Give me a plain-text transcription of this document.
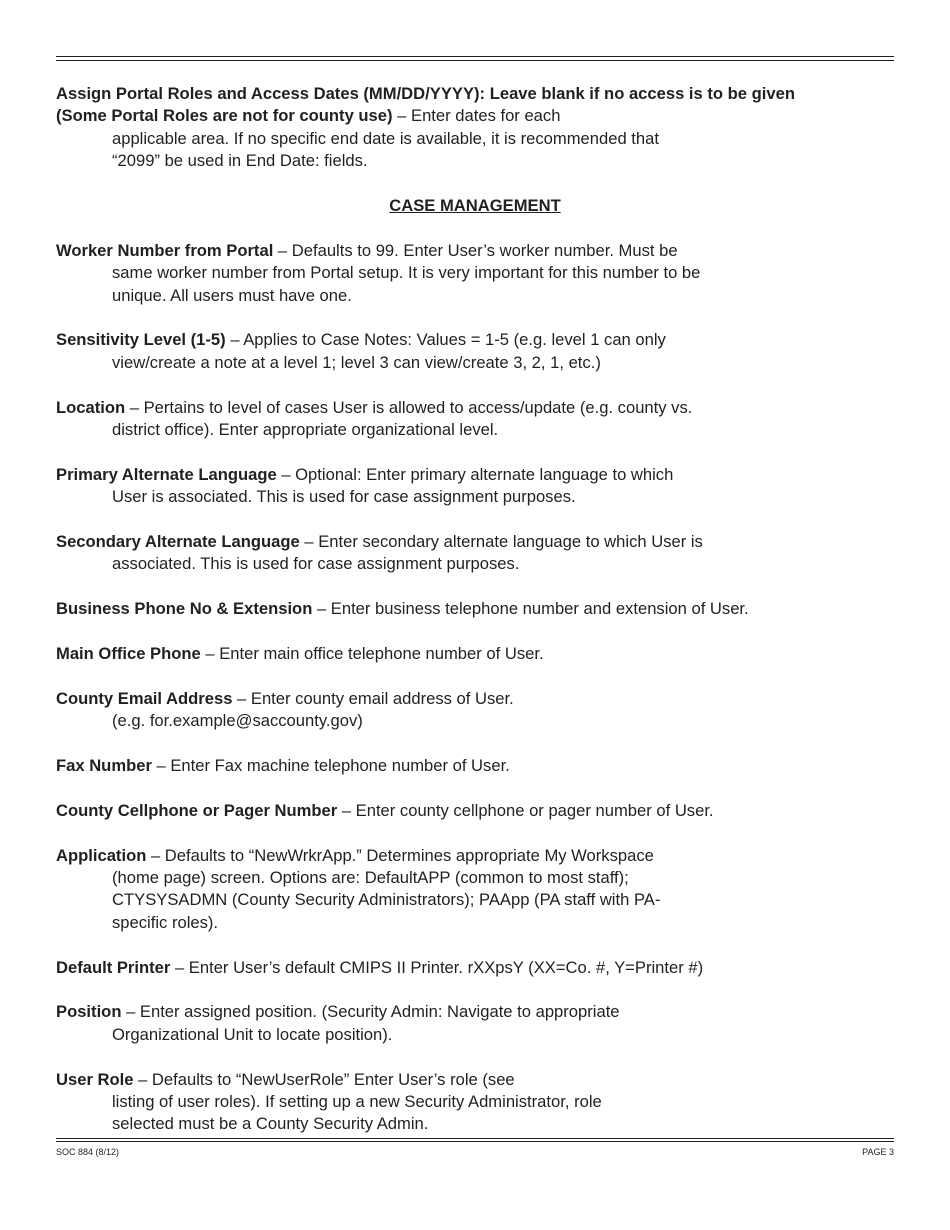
Assign Portal Roles and Access Dates (MM/DD/YYYY): Leave blank if no access is to be given
(Some Portal Roles are not for county use) – Enter dates for each
applicable area. If no specific end date is available, it is recommended that
“2099” be used in End Date: fields.

CASE MANAGEMENT

Worker Number from Portal – Defaults to 99. Enter User’s worker number. Must be
same worker number from Portal setup. It is very important for this number to be
unique. All users must have one.

Sensitivity Level (1-5) – Applies to Case Notes: Values = 1-5 (e.g. level 1 can only
view/create a note at a level 1; level 3 can view/create 3, 2, 1, etc.)

Location – Pertains to level of cases User is allowed to access/update (e.g. county vs.
district office). Enter appropriate organizational level.

Primary Alternate Language – Optional: Enter primary alternate language to which
User is associated. This is used for case assignment purposes.

Secondary Alternate Language – Enter secondary alternate language to which User is
associated. This is used for case assignment purposes.

Business Phone No & Extension – Enter business telephone number and extension of User.

Main Office Phone – Enter main office telephone number of User.

County Email Address – Enter county email address of User.
(e.g. for.example@saccounty.gov)

Fax Number – Enter Fax machine telephone number of User.

County Cellphone or Pager Number – Enter county cellphone or pager number of User.

Application – Defaults to “NewWrkrApp.” Determines appropriate My Workspace
(home page) screen. Options are: DefaultAPP (common to most staff);
CTYSYSADMN (County Security Administrators); PAApp (PA staff with PA-
specific roles).

Default Printer – Enter User’s default CMIPS II Printer. rXXpsY (XX=Co. #, Y=Printer #)

Position – Enter assigned position. (Security Admin: Navigate to appropriate
Organizational Unit to locate position).

User Role – Defaults to “NewUserRole” Enter User’s role (see
listing of user roles). If setting up a new Security Administrator, role
selected must be a County Security Admin.

SOC 884 (8/12)	PAGE 3
